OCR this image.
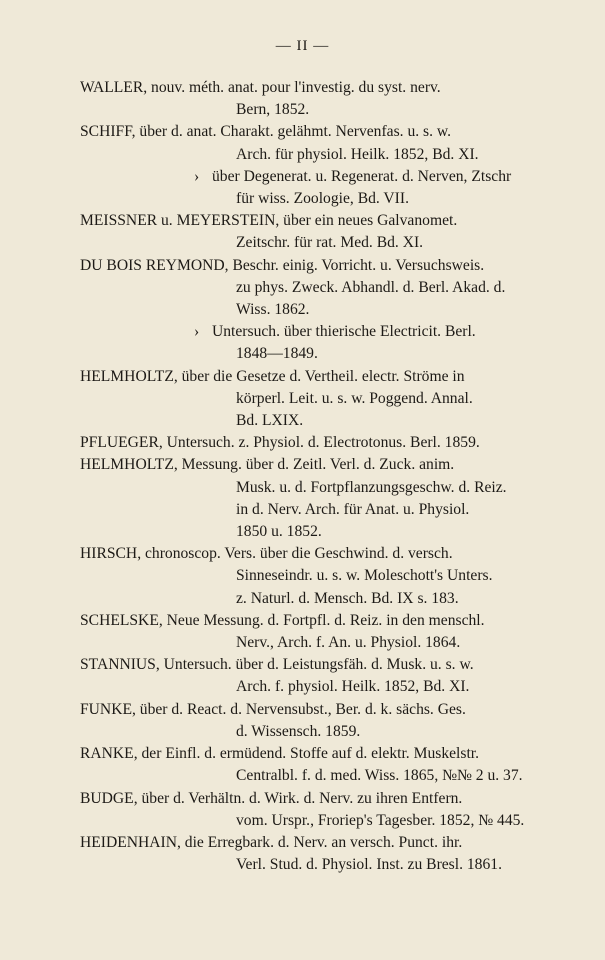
— II —
WALLER, nouv. méth. anat. pour l'investig. du syst. nerv.
Bern, 1852.
SCHIFF, über d. anat. Charakt. gelähmt. Nervenfas. u. s. w.
Arch. für physiol. Heilk. 1852, Bd. XI.
› über Degenerat. u. Regenerat. d. Nerven, Ztschr
für wiss. Zoologie, Bd. VII.
MEISSNER u. MEYERSTEIN, über ein neues Galvanomet.
Zeitschr. für rat. Med. Bd. XI.
DU BOIS REYMOND, Beschr. einig. Vorricht. u. Versuchsweis.
zu phys. Zweck. Abhandl. d. Berl. Akad. d.
Wiss. 1862.
› Untersuch. über thierische Electricit. Berl.
1848—1849.
HELMHOLTZ, über die Gesetze d. Vertheil. electr. Ströme in
körperl. Leit. u. s. w. Poggend. Annal.
Bd. LXIX.
PFLUEGER, Untersuch. z. Physiol. d. Electrotonus. Berl. 1859.
HELMHOLTZ, Messung. über d. Zeitl. Verl. d. Zuck. anim.
Musk. u. d. Fortpflanzungsgeschw. d. Reiz.
in d. Nerv. Arch. für Anat. u. Physiol.
1850 u. 1852.
HIRSCH, chronoscop. Vers. über die Geschwind. d. versch.
Sinneseindr. u. s. w. Moleschott's Unters.
z. Naturl. d. Mensch. Bd. IX s. 183.
SCHELSKE, Neue Messung. d. Fortpfl. d. Reiz. in den menschl.
Nerv., Arch. f. An. u. Physiol. 1864.
STANNIUS, Untersuch. über d. Leistungsfäh. d. Musk. u. s. w.
Arch. f. physiol. Heilk. 1852, Bd. XI.
FUNKE, über d. React. d. Nervensubst., Ber. d. k. sächs. Ges.
d. Wissensch. 1859.
RANKE, der Einfl. d. ermüdend. Stoffe auf d. elektr. Muskelstr.
Centralbl. f. d. med. Wiss. 1865, №№ 2 u. 37.
BUDGE, über d. Verhältn. d. Wirk. d. Nerv. zu ihren Entfern.
vom. Urspr., Froriep's Tagesber. 1852, № 445.
HEIDENHAIN, die Erregbark. d. Nerv. an versch. Punct. ihr.
Verl. Stud. d. Physiol. Inst. zu Bresl. 1861.
